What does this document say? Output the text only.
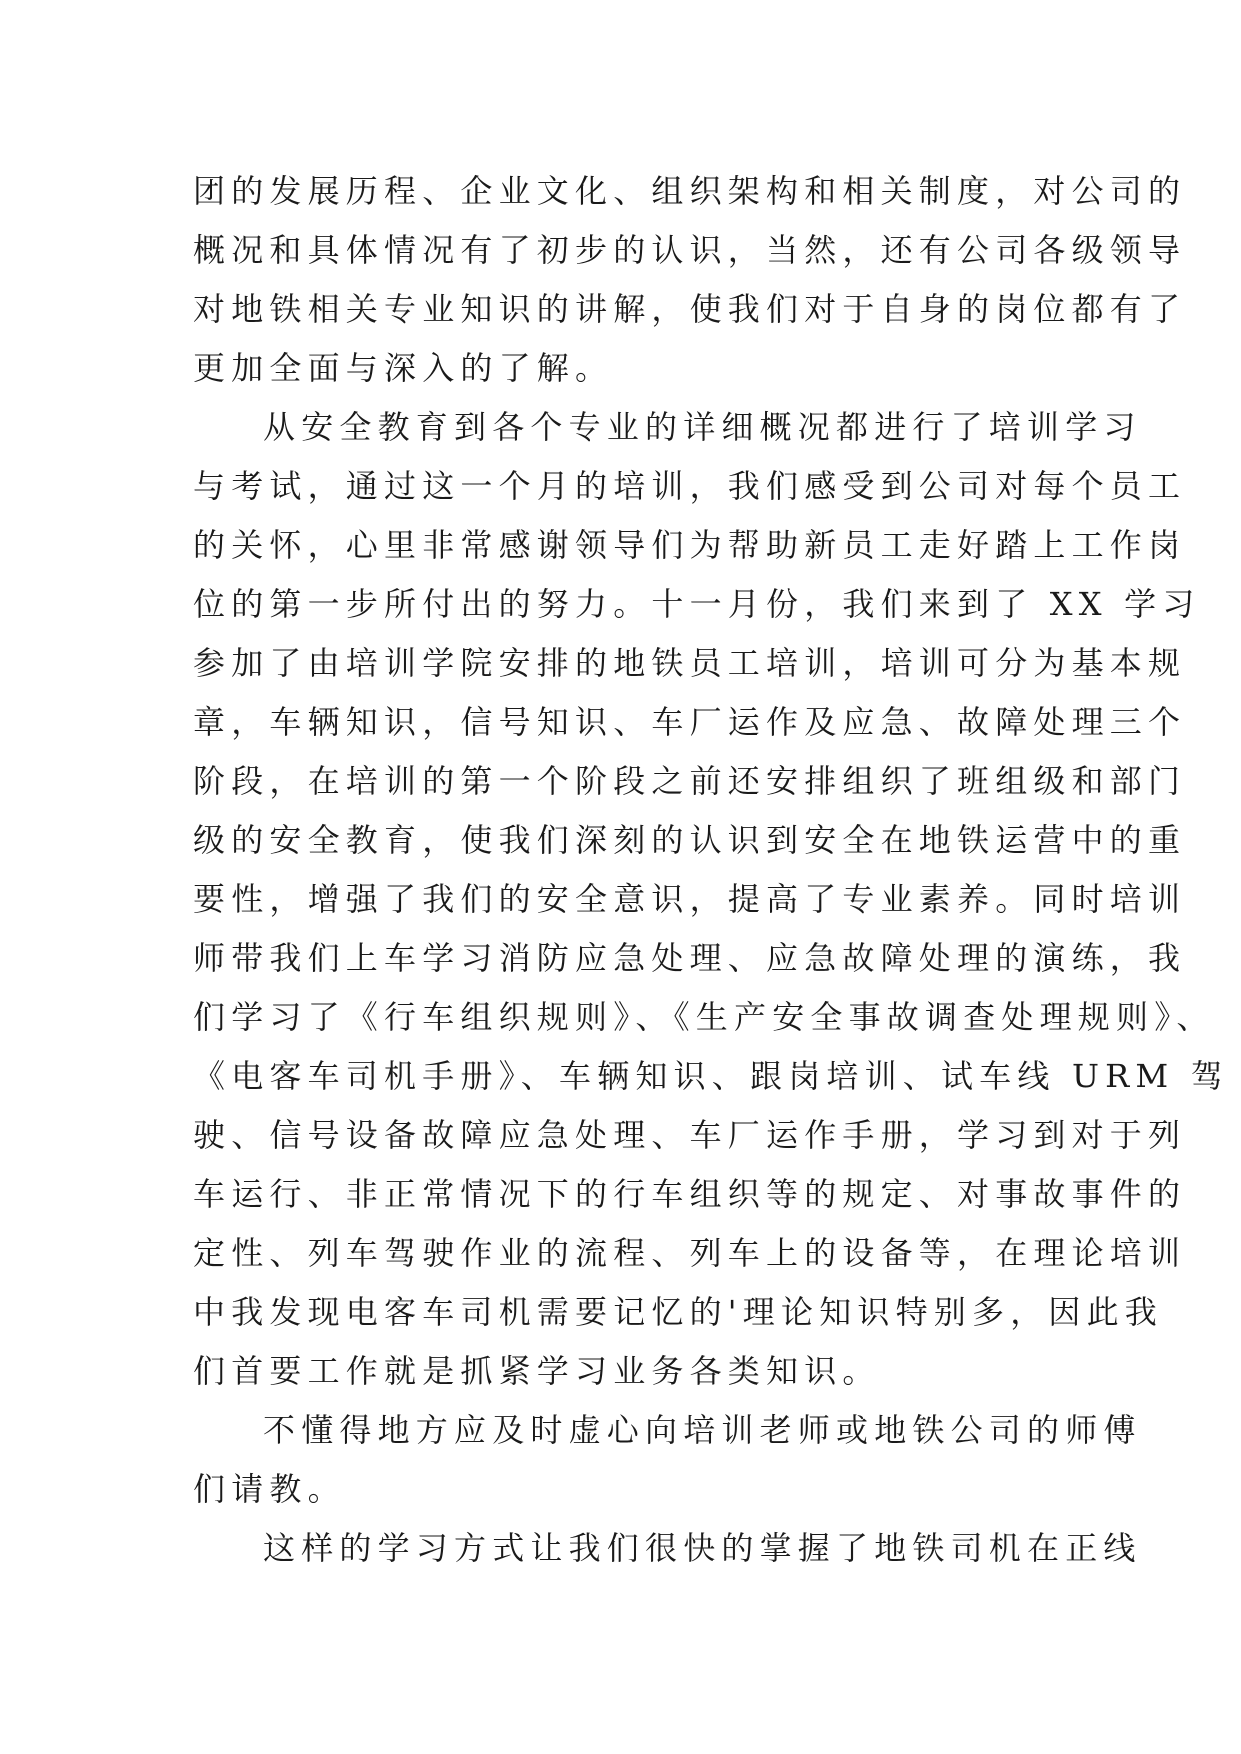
团的发展历程、企业文化、组织架构和相关制度，对公司的
概况和具体情况有了初步的认识，当然，还有公司各级领导
对地铁相关专业知识的讲解，使我们对于自身的岗位都有了
更加全面与深入的了解。
从安全教育到各个专业的详细概况都进行了培训学习
与考试，通过这一个月的培训，我们感受到公司对每个员工
的关怀，心里非常感谢领导们为帮助新员工走好踏上工作岗
位的第一步所付出的努力。十一月份，我们来到了 XX 学习
参加了由培训学院安排的地铁员工培训，培训可分为基本规
章，车辆知识，信号知识、车厂运作及应急、故障处理三个
阶段，在培训的第一个阶段之前还安排组织了班组级和部门
级的安全教育，使我们深刻的认识到安全在地铁运营中的重
要性，增强了我们的安全意识，提高了专业素养。同时培训
师带我们上车学习消防应急处理、应急故障处理的演练，我
们学习了《行车组织规则》、《生产安全事故调查处理规则》、
《电客车司机手册》、车辆知识、跟岗培训、试车线 URM 驾
驶、信号设备故障应急处理、车厂运作手册，学习到对于列
车运行、非正常情况下的行车组织等的规定、对事故事件的
定性、列车驾驶作业的流程、列车上的设备等，在理论培训
中我发现电客车司机需要记忆的'理论知识特别多，因此我
们首要工作就是抓紧学习业务各类知识。
不懂得地方应及时虚心向培训老师或地铁公司的师傅
们请教。
这样的学习方式让我们很快的掌握了地铁司机在正线
